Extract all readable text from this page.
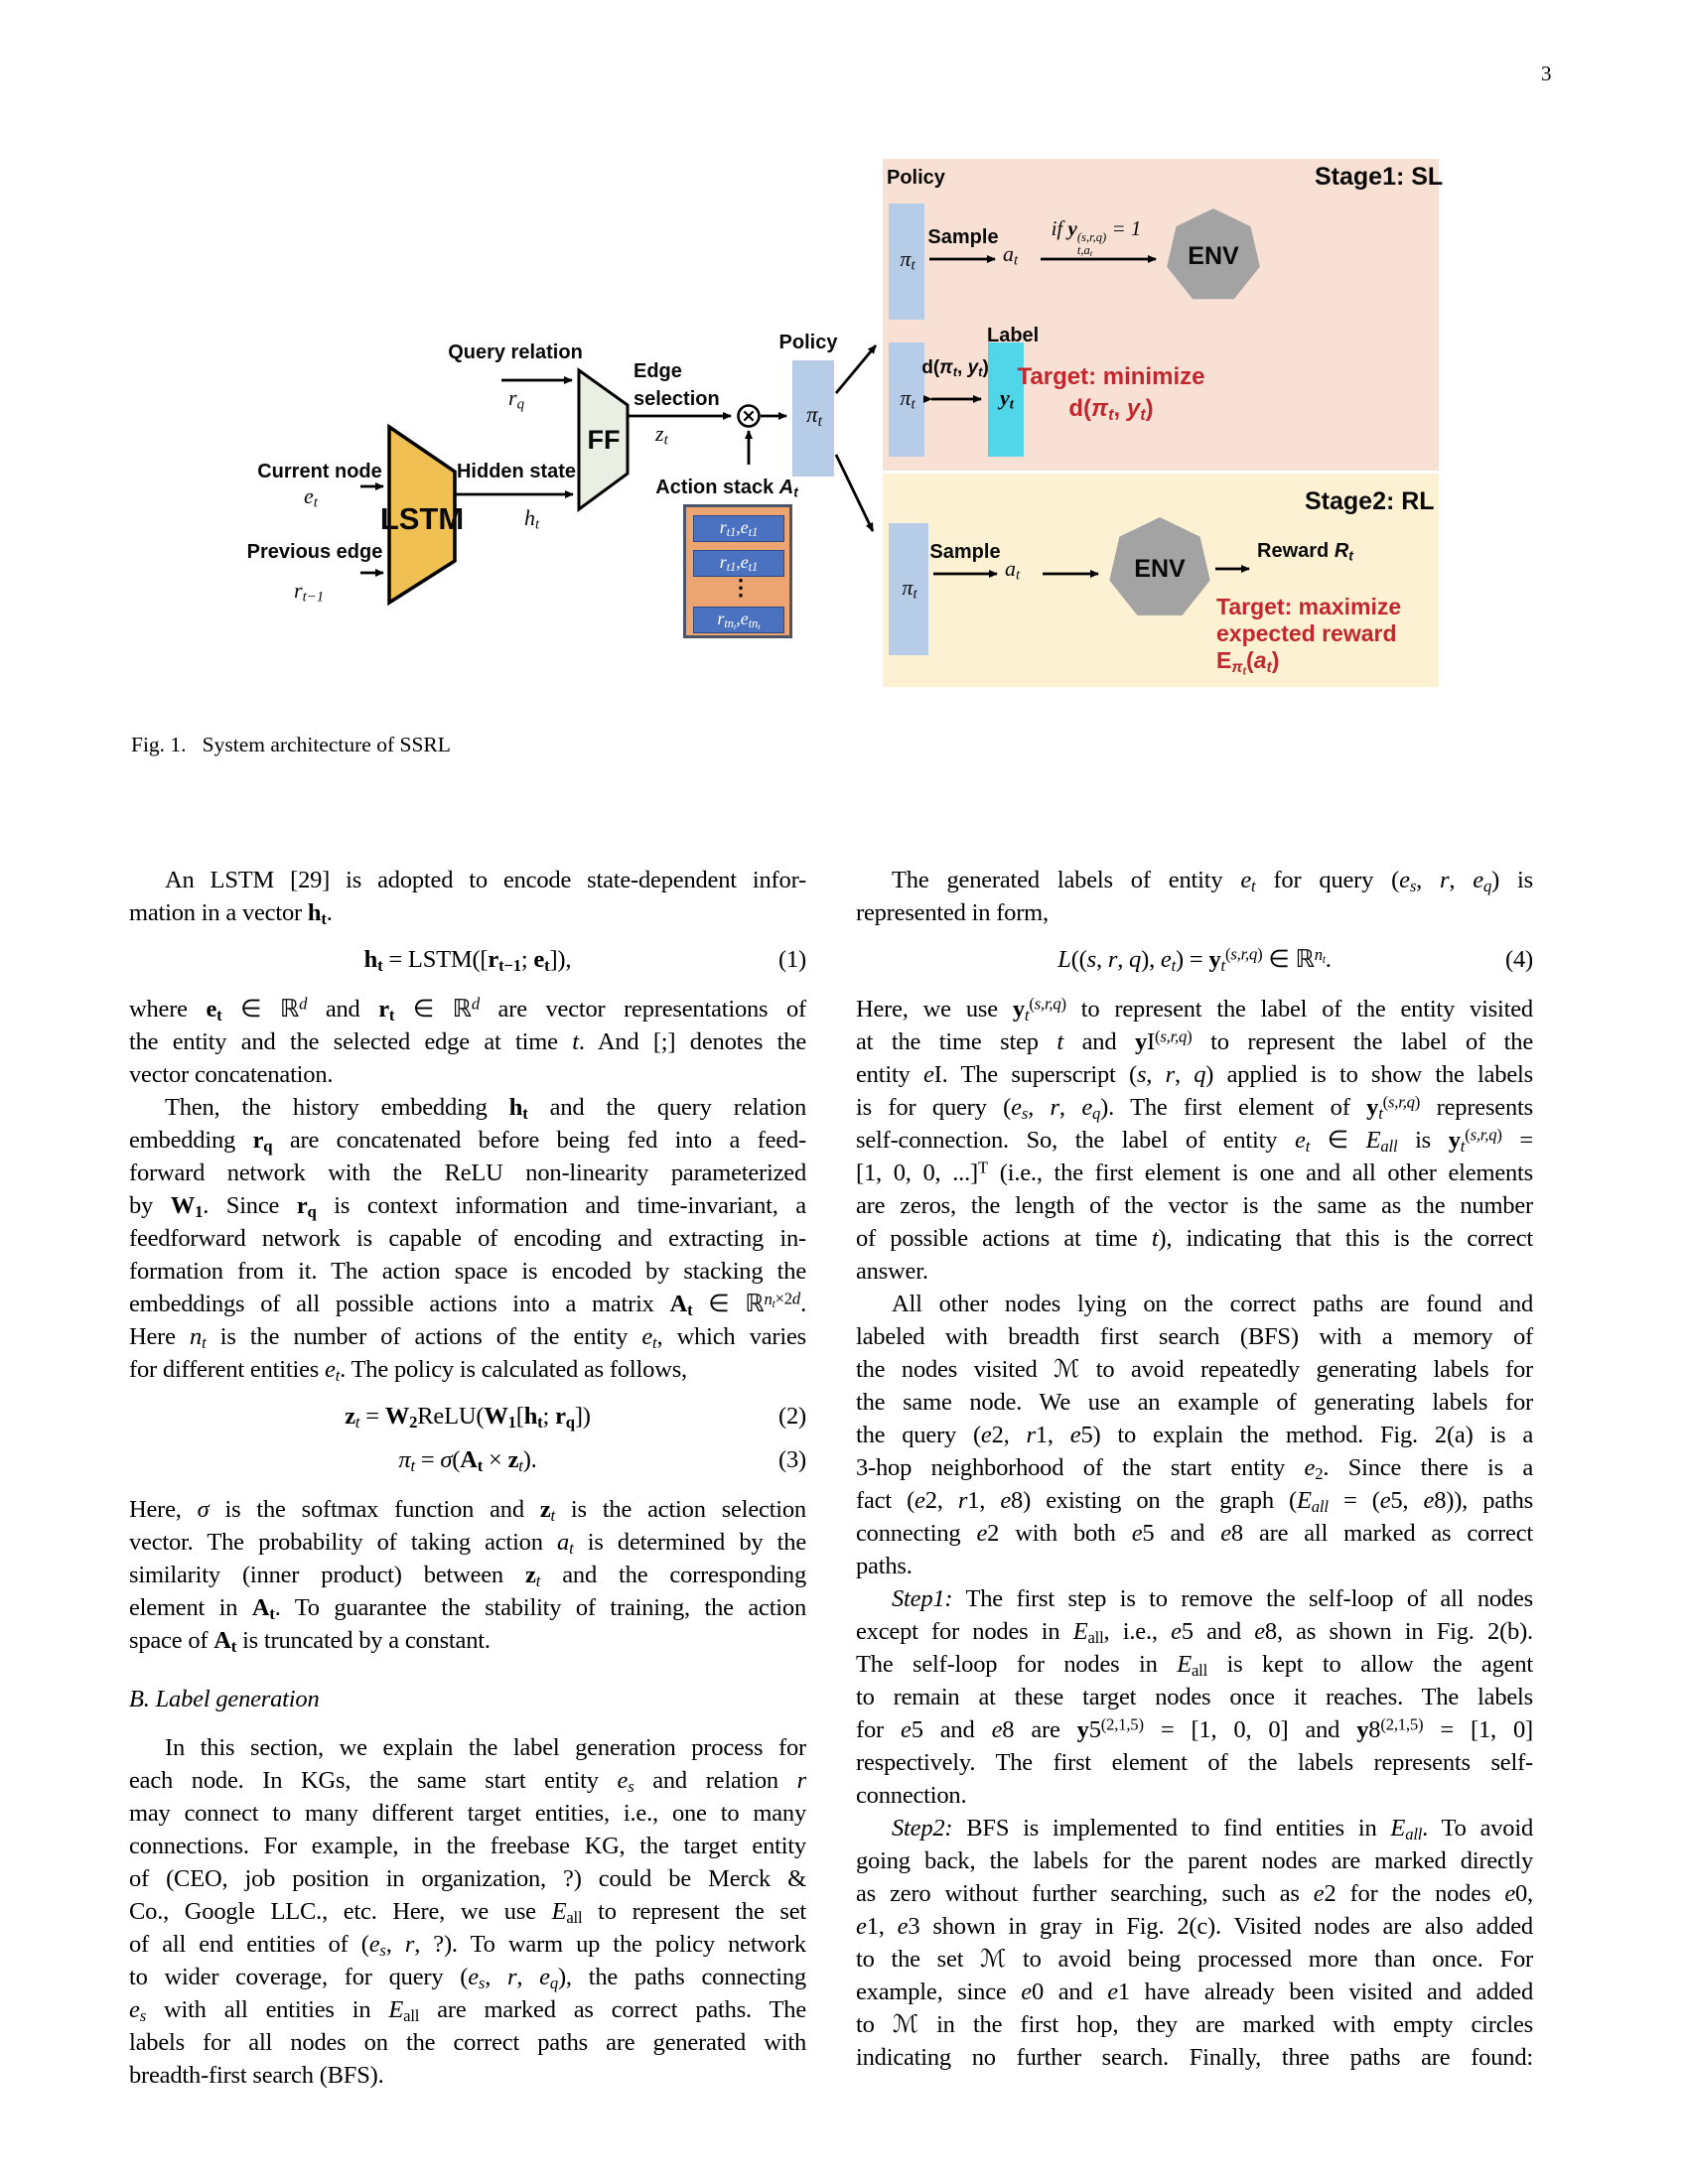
3
$r_{t1},e_{t1}$
$r_{t1},e_{t1}$
⋮
$r_{tn_t},e_{tn_t}$
Query relation
$r_q$
Current node
$e_t$
Previous edge
$r_{t-1}$
LSTM
Hidden state
$h_t$
FF
Edge
selection
$z_t$
Policy
$\pi_t$
Action stack $A_t$
Policy
$\pi_t$
Sample
$a_t$
if y (s,r,q)
$t,a_t$
= 1
ENV
Stage1: SL
Label
$\pi_t$
$d(\pi_t$, $y_t$)
$y_t$
Target: minimize
$d(\pi_t$, $y_t$)
Stage2: RL
$\pi_t$
Sample
$a_t$	ENV
Reward $R_t$
Target: maximize
expected reward
$E_{\pi_t}(a_t)$
Fig. 1.   System architecture of SSRL
An LSTM [29] is adopted to encode state-dependent infor-
mation in a vector $h_t$.
$h_t$ = $LSTM([r_{t-1}$; $e_t$]),	(1)
where $e_t$ ∈ ℝ$^d$ and $r_t$ ∈ ℝ$^d$ are vector representations of
the entity and the selected edge at time t. And [;] denotes the
vector concatenation.
Then, the history embedding $h_t$ and the query relation
embedding $r_q$ are concatenated before being fed into a feed-
forward network with the ReLU non-linearity parameterized
by $W_1$. Since $r_q$ is context information and time-invariant, a
feedforward network is capable of encoding and extracting in-
formation from it. The action space is encoded by stacking the
embeddings of all possible actions into a matrix $A_t$ ∈ ℝ$^{n_t\times 2d}$.
Here $n_t$ is the number of actions of the entity $e_t$, which varies
for different entities $e_t$. The policy is calculated as follows,
$z_t$ = $W_2ReLU(W_1[h_t$; $r_q$])	(2)
$\pi_t = \sigma(A_t \times z_t)$.	(3)
Here, σ is the softmax function and $z_t$ is the action selection
vector. The probability of taking action $a_t$ is determined by the
similarity (inner product) between $z_t$ and the corresponding
element in $A_t$. To guarantee the stability of training, the action
space of $A_t$ is truncated by a constant.
B. Label generation
In this section, we explain the label generation process for
each node. In KGs, the same start entity $e_s$ and relation r
may connect to many different target entities, i.e., one to many
connections. For example, in the freebase KG, the target entity
of (CEO, job position in organization, ?) could be Merck &
Co., Google LLC., etc. Here, we use $E_{all}$ to represent the set
of all end entities of ($e_s$, r, ?). To warm up the policy network
to wider coverage, for query ($e_s$, r, $e_q$), the paths connecting
$e_s$ with all entities in $E_{all}$ are marked as correct paths. The
labels for all nodes on the correct paths are generated with
breadth-first search (BFS).
The generated labels of entity $e_t$ for query ($e_s$, r, $e_q$) is
represented in form,
L((s, r, q), $e_t) = y_t^{(s,r,q)}$ ∈ ℝ$^{n_t}$.	(4)
Here, we use $y_t^{(s,r,q)}$ to represent the label of the entity visited
at the time step t and yI$^{(s,r,q)}$ to represent the label of the
entity eI. The superscript (s, r, q) applied is to show the labels
is for query ($e_s$, r, $e_q$). The first element of $y_t^{(s,r,q)}$ represents
self-connection. So, the label of entity $e_t$ ∈ $E_{all}$ is $y_t^{(s,r,q)}$ =
[1, 0, 0, ...]$^T$ (i.e., the first element is one and all other elements
are zeros, the length of the vector is the same as the number
of possible actions at time t), indicating that this is the correct
answer.
All other nodes lying on the correct paths are found and
labeled with breadth first search (BFS) with a memory of
the nodes visited ℳ to avoid repeatedly generating labels for
the same node. We use an example of generating labels for
the query (e2, r1, e5) to explain the method. Fig. 2(a) is a
3-hop neighborhood of the start entity $e_2$. Since there is a
fact (e2, r1, e8) existing on the graph ($E_{all} = (e5$, e8)), paths
connecting e2 with both e5 and e8 are all marked as correct
paths.
Step1: The first step is to remove the self-loop of all nodes
except for nodes in $E_{all}$, i.e., e5 and e8, as shown in Fig. 2(b).
The self-loop for nodes in $E_{all}$ is kept to allow the agent
to remain at these target nodes once it reaches. The labels
for e5 and e8 are $y5^{(2,1,5)} = [1$, 0, 0] and $y8^{(2,1,5)} = [1$, 0]
respectively. The first element of the labels represents self-
connection.
Step2: BFS is implemented to find entities in $E_{all}$. To avoid
going back, the labels for the parent nodes are marked directly
as zero without further searching, such as e2 for the nodes e0,
e1, e3 shown in gray in Fig. 2(c). Visited nodes are also added
to the set ℳ to avoid being processed more than once. For
example, since e0 and e1 have already been visited and added
to ℳ in the first hop, they are marked with empty circles
indicating no further search. Finally, three paths are found:
